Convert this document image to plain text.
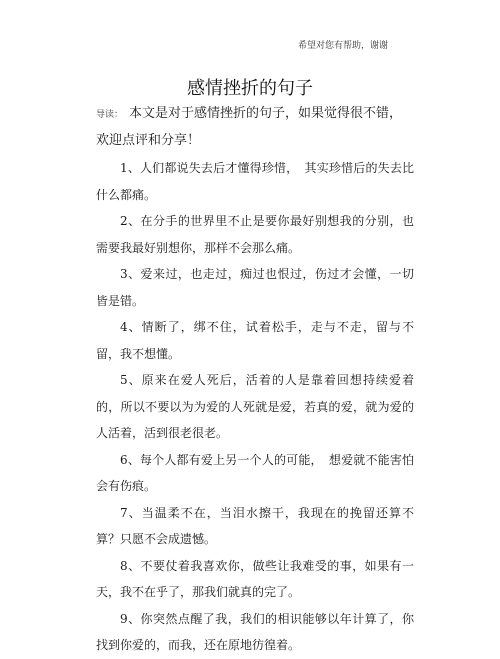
希望对您有帮助，谢谢
感情挫折的句子
导读： 本文是对于感情挫折的句子，如果觉得很不错，欢迎点评和分享！

1、人们都说失去后才懂得珍惜，　其实珍惜后的失去比什么都痛。

2、在分手的世界里不止是要你最好别想我的分别，也需要我最好别想你，那样不会那么痛。

3、爱来过，也走过，痴过也恨过，伤过才会懂，一切皆是错。

4、情断了，绑不住，试着松手，走与不走，留与不留，我不想懂。

5、原来在爱人死后，活着的人是靠着回想持续爱着的，所以不要以为为爱的人死就是爱，若真的爱，就为爱的人活着，活到很老很老。

6、每个人都有爱上另一个人的可能，　想爱就不能害怕会有伤痕。

7、当温柔不在，当泪水擦干，我现在的挽留还算不算？只愿不会成遗憾。

8、不要仗着我喜欢你，做些让我难受的事，如果有一天，我不在乎了，那我们就真的完了。

9、你突然点醒了我，我们的相识能够以年计算了，你找到你爱的，而我，还在原地彷徨着。
